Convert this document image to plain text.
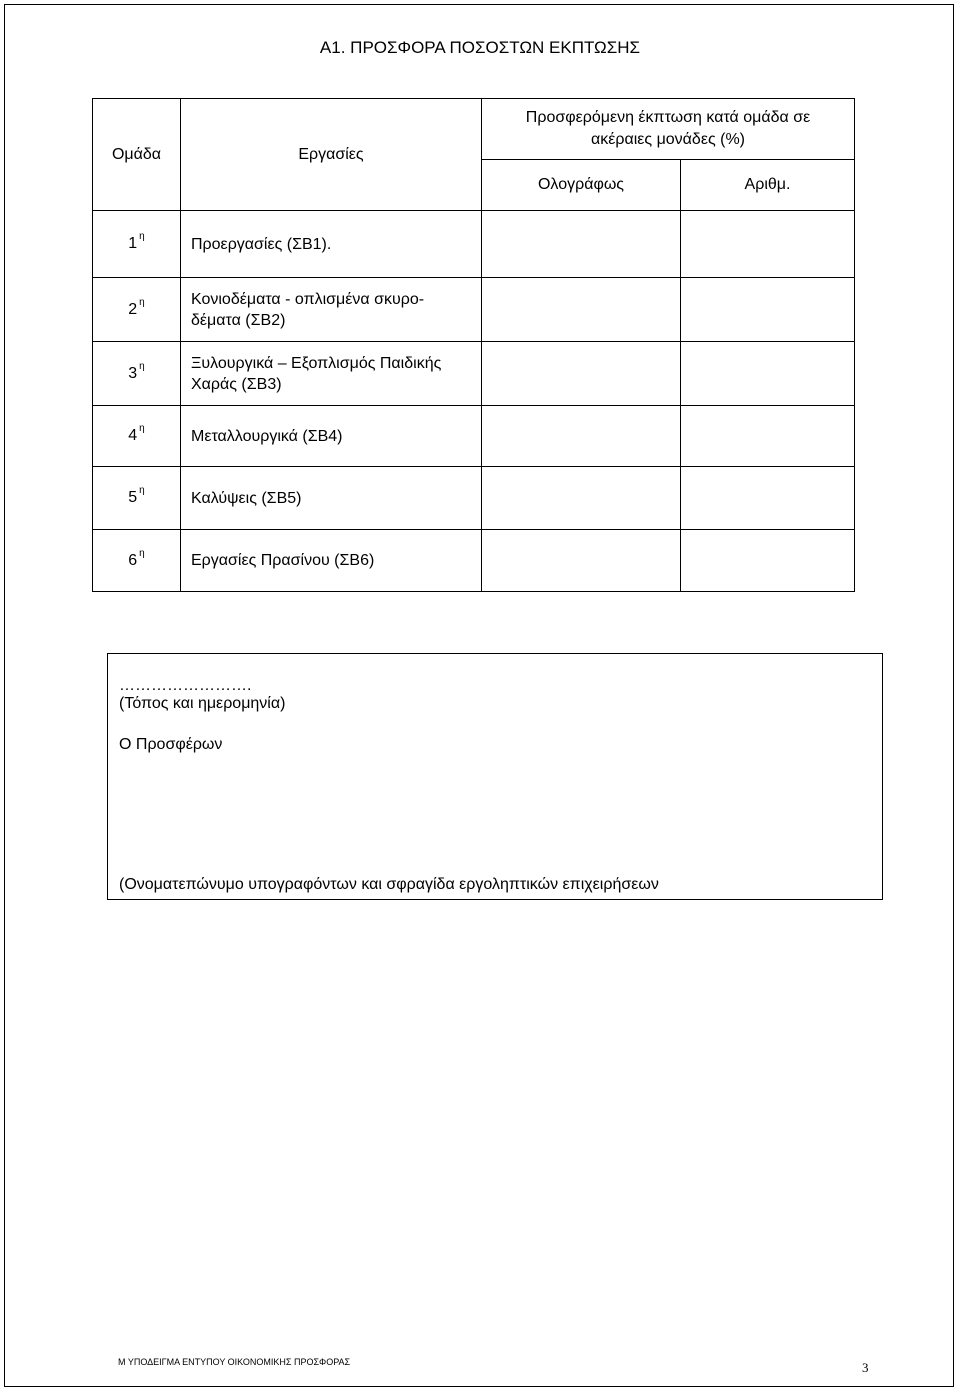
Α1. ΠΡΟΣΦΟΡΑ ΠΟΣΟΣΤΩΝ ΕΚΠΤΩΣΗΣ
Ομάδα	Εργασίες	Προσφερόμενη έκπτωση κατά ομάδα σε
ακέραιες μονάδες (%)	

		Ολογράφως	Αριθμ.
1 $^\eta$	Προεργασίες (ΣΒ1).		

2 $^\eta$	Κονιοδέματα - οπλισμένα σκυρο-
δέματα (ΣΒ2)		

3 $^\eta$	Ξυλουργικά – Εξοπλισμός Παιδικής
Χαράς (ΣΒ3)		

4 $^\eta$	Μεταλλουργικά (ΣΒ4)		

5 $^\eta$	Καλύψεις (ΣΒ5)		

6 $^\eta$	Εργασίες Πρασίνου (ΣΒ6)		

…………………….
(Τόπος και ημερομηνία)
Ο Προσφέρων
(Ονοματεπώνυμο υπογραφόντων και σφραγίδα εργοληπτικών επιχειρήσεων
Μ ΥΠΟΔΕΙΓΜΑ ΕΝΤΥΠΟΥ ΟΙΚΟΝΟΜΙΚΗΣ ΠΡΟΣΦΟΡΑΣ	3
